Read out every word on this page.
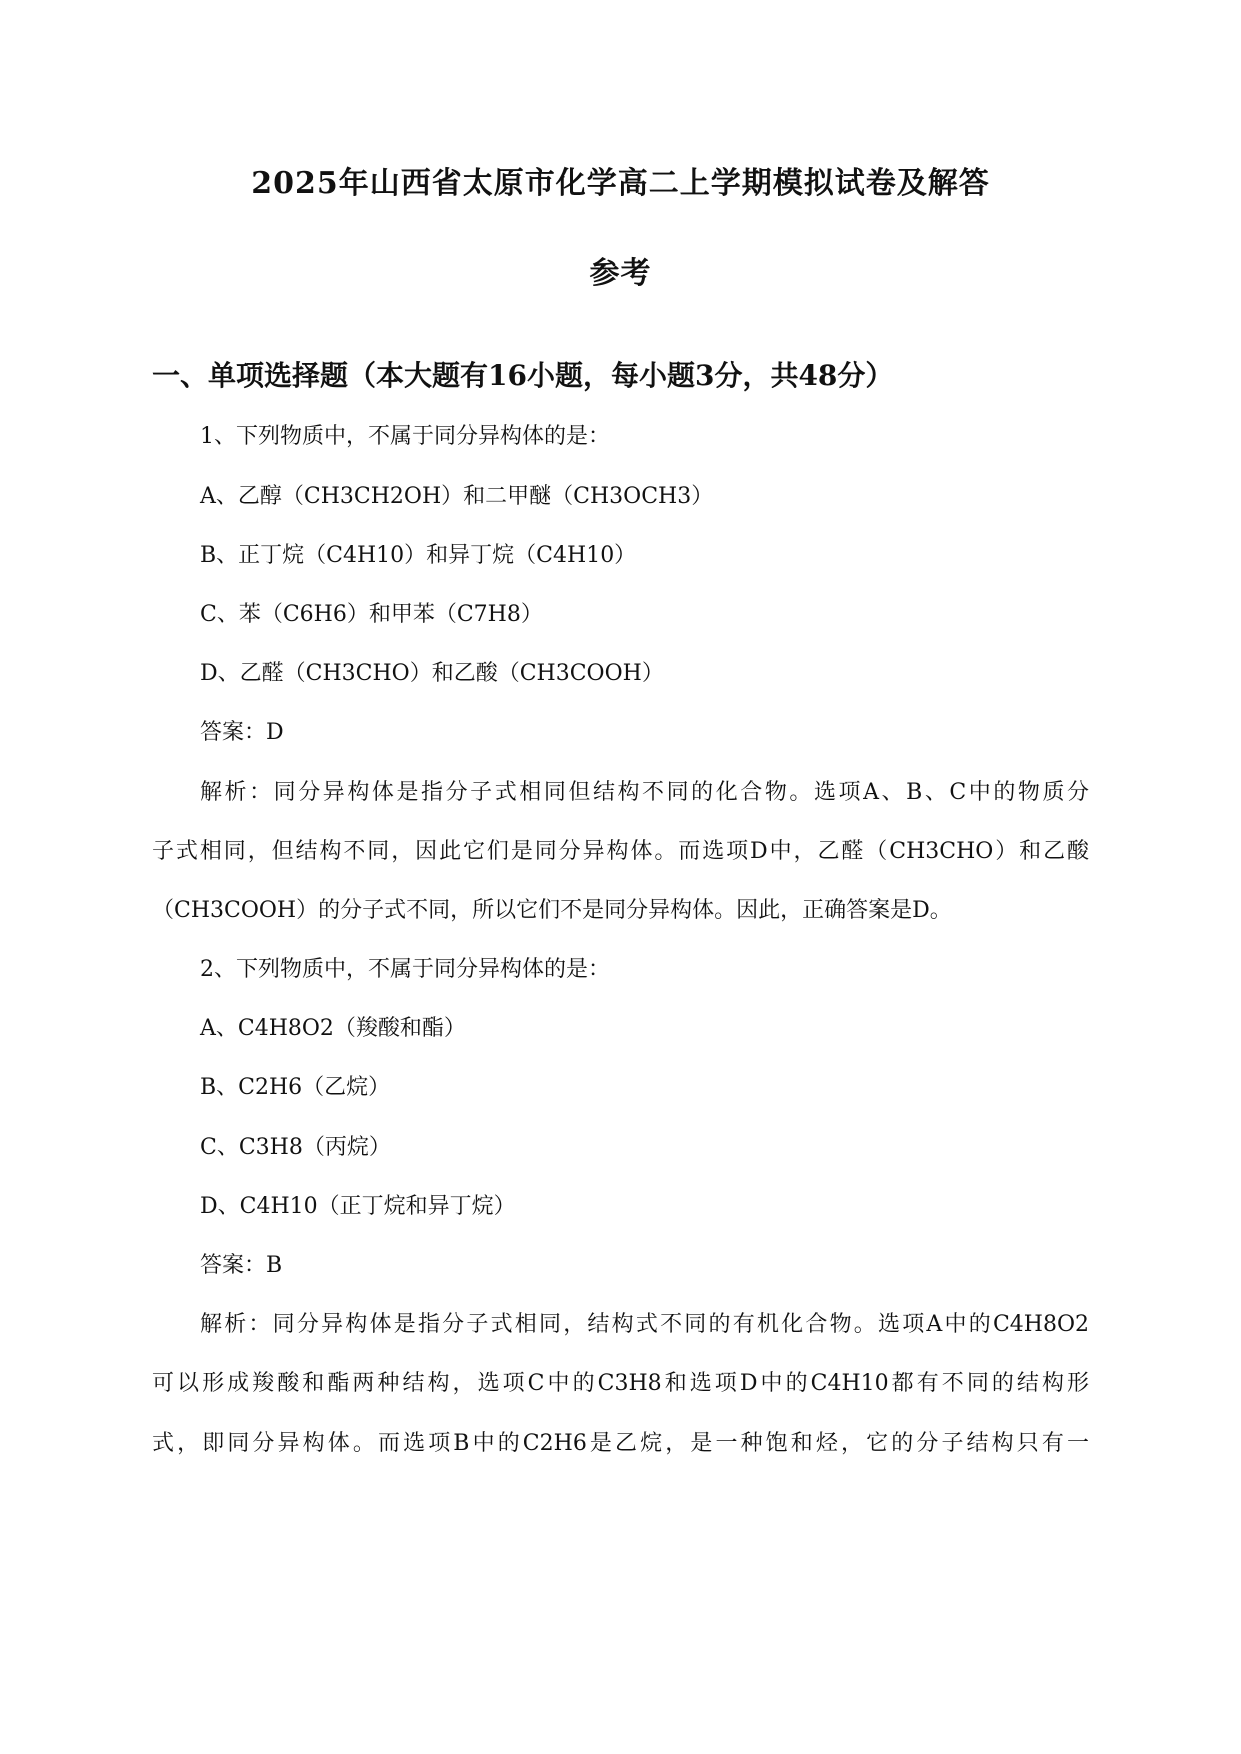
2025年山西省太原市化学高二上学期模拟试卷及解答
参考
一、单项选择题（本大题有16小题，每小题3分，共48分）
1、下列物质中，不属于同分异构体的是：
A、乙醇（CH3CH2OH）和二甲醚（CH3OCH3）
B、正丁烷（C4H10）和异丁烷（C4H10）
C、苯（C6H6）和甲苯（C7H8）
D、乙醛（CH3CHO）和乙酸（CH3COOH）
答案：D
解析：同分异构体是指分子式相同但结构不同的化合物。选项A、B、C中的物质分
子式相同，但结构不同，因此它们是同分异构体。而选项D中，乙醛（CH3CHO）和乙酸
（CH3COOH）的分子式不同，所以它们不是同分异构体。因此，正确答案是D。
2、下列物质中，不属于同分异构体的是：
A、C4H8O2（羧酸和酯）
B、C2H6（乙烷）
C、C3H8（丙烷）
D、C4H10（正丁烷和异丁烷）
答案：B
解析：同分异构体是指分子式相同，结构式不同的有机化合物。选项A中的C4H8O2
可以形成羧酸和酯两种结构，选项C中的C3H8和选项D中的C4H10都有不同的结构形
式，即同分异构体。而选项B中的C2H6是乙烷，是一种饱和烃，它的分子结构只有一
